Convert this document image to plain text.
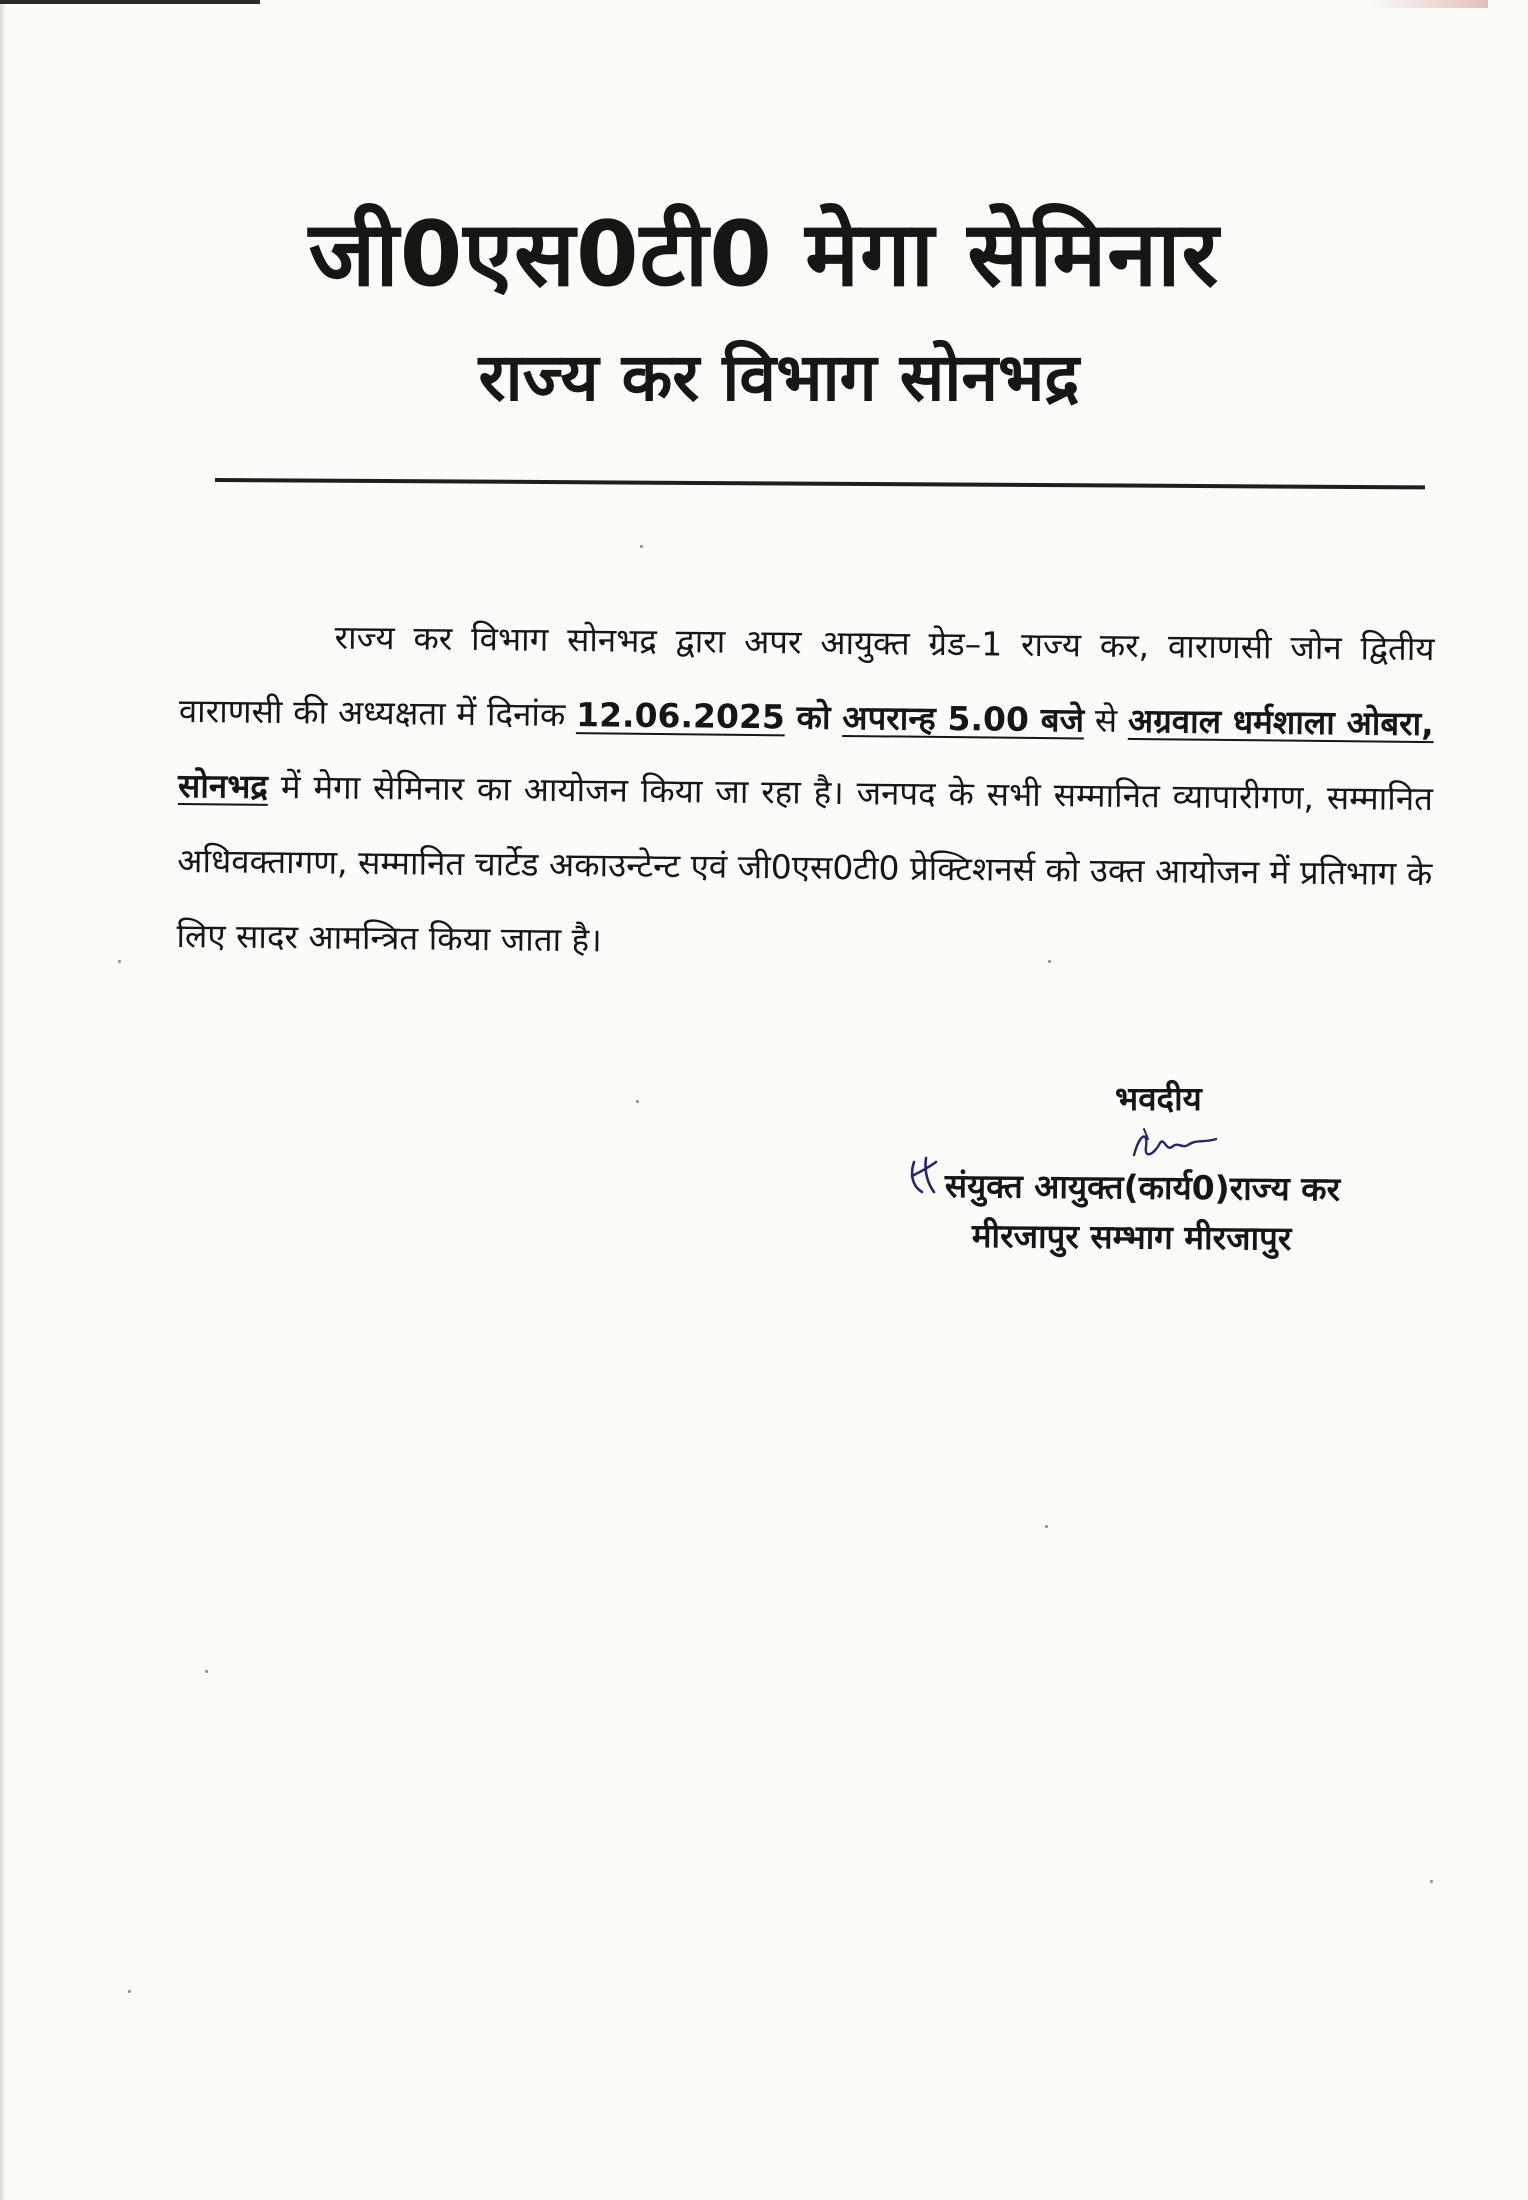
जी0एस0टी0 मेगा सेमिनार
राज्य कर विभाग सोनभद्र
राज्य कर विभाग सोनभद्र द्वारा अपर आयुक्त ग्रेड–1 राज्य कर, वाराणसी जोन द्वितीय वाराणसी की अध्यक्षता में दिनांक 12.06.2025 को अपरान्ह 5.00 बजे से अग्रवाल धर्मशाला ओबरा, सोनभद्र में मेगा सेमिनार का आयोजन किया जा रहा है। जनपद के सभी सम्मानित व्यापारीगण, सम्मानित अधिवक्तागण, सम्मानित चार्टेड अकाउन्टेन्ट एवं जी0एस0टी0 प्रेक्टिशनर्स को उक्त आयोजन में प्रतिभाग के लिए सादर आमन्त्रित किया जाता है।
भवदीय
संयुक्त आयुक्त(कार्य0)राज्य कर
मीरजापुर सम्भाग मीरजापुर
